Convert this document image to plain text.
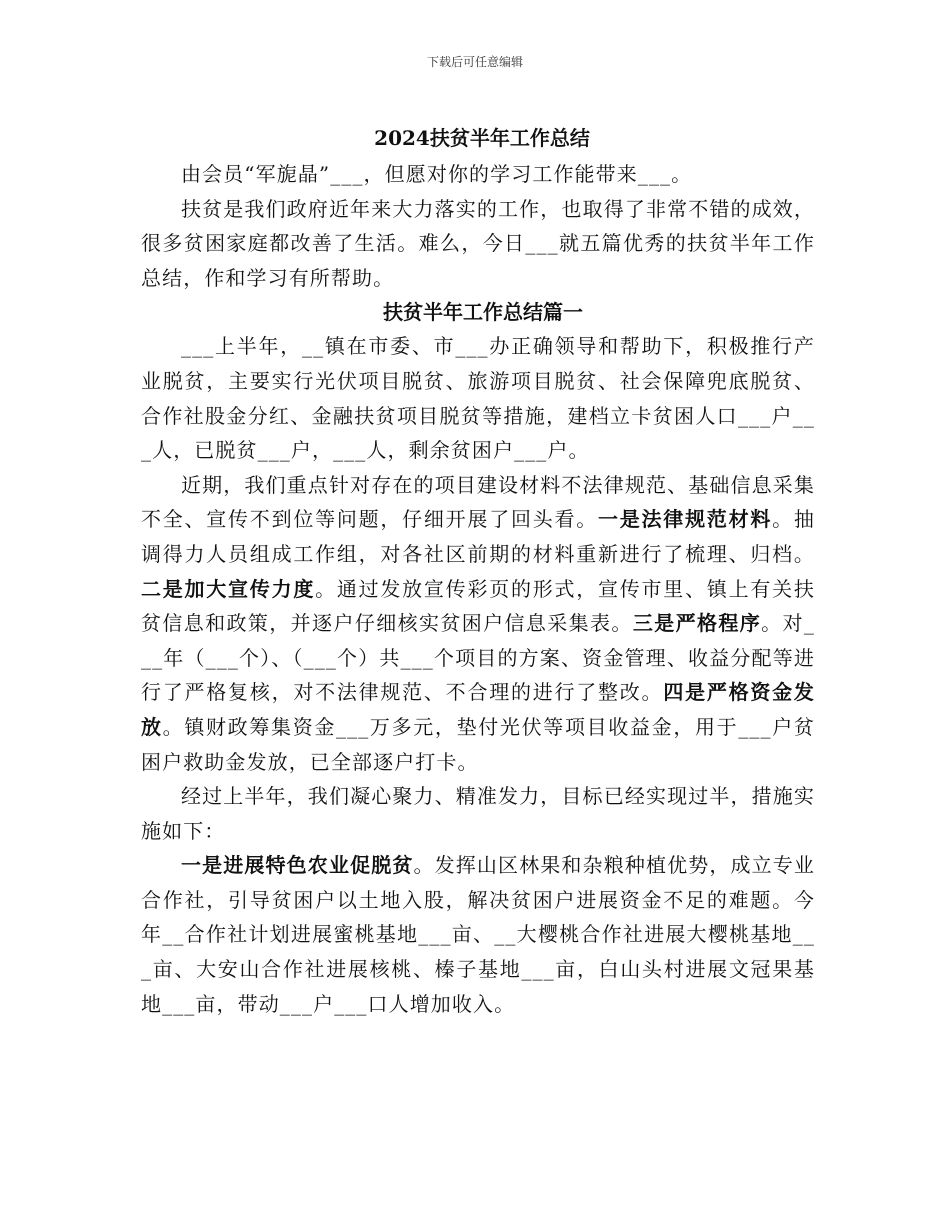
下载后可任意编辑
2024扶贫半年工作总结

由会员“军旎晶”___，但愿对你的学习工作能带来___。

扶贫是我们政府近年来大力落实的工作，也取得了非常不错的成效，很多贫困家庭都改善了生活。难么，今日___就五篇优秀的扶贫半年工作总结，作和学习有所帮助。

扶贫半年工作总结篇一

___上半年，__镇在市委、市___办正确领导和帮助下，积极推行产业脱贫，主要实行光伏项目脱贫、旅游项目脱贫、社会保障兜底脱贫、合作社股金分红、金融扶贫项目脱贫等措施，建档立卡贫困人口___户___人，已脱贫___户，___人，剩余贫困户___户。

近期，我们重点针对存在的项目建设材料不法律规范、基础信息采集不全、宣传不到位等问题，仔细开展了回头看。一是法律规范材料。抽调得力人员组成工作组，对各社区前期的材料重新进行了梳理、归档。二是加大宣传力度。通过发放宣传彩页的形式，宣传市里、镇上有关扶贫信息和政策，并逐户仔细核实贫困户信息采集表。三是严格程序。对___年（___个）、（___个）共___个项目的方案、资金管理、收益分配等进行了严格复核，对不法律规范、不合理的进行了整改。四是严格资金发放。镇财政筹集资金___万多元，垫付光伏等项目收益金，用于___户贫困户救助金发放，已全部逐户打卡。

经过上半年，我们凝心聚力、精准发力，目标已经实现过半，措施实施如下：

一是进展特色农业促脱贫。发挥山区林果和杂粮种植优势，成立专业合作社，引导贫困户以土地入股，解决贫困户进展资金不足的难题。今年__合作社计划进展蜜桃基地___亩、__大樱桃合作社进展大樱桃基地___亩、大安山合作社进展核桃、榛子基地___亩，白山头村进展文冠果基地___亩，带动___户___口人增加收入。
